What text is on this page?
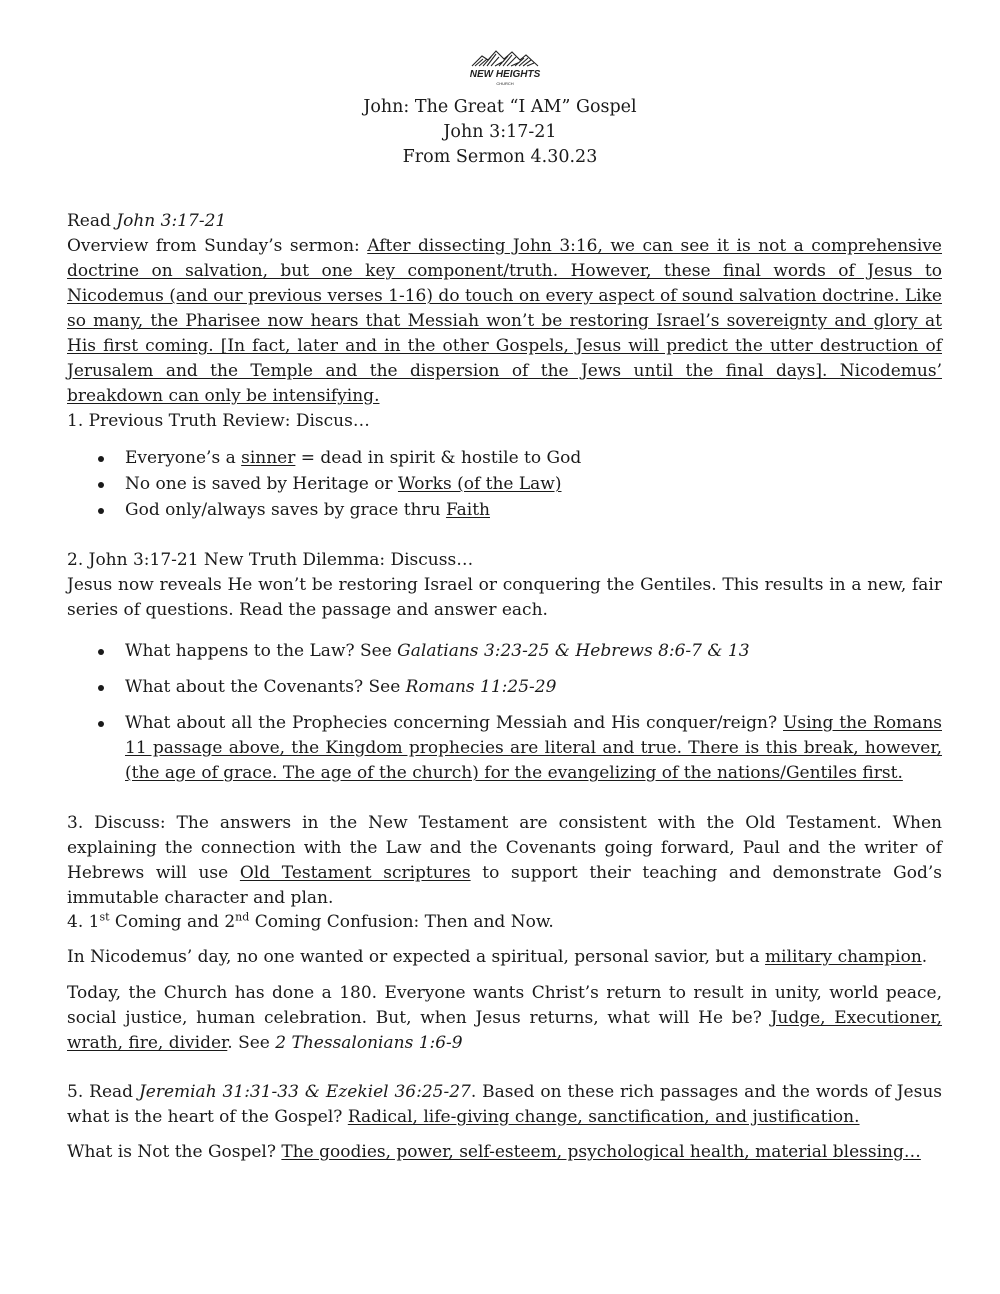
NEW HEIGHTS
CHURCH
John: The Great “I AM” Gospel
John 3:17-21
From Sermon 4.30.23
Read John 3:17-21
Overview from Sunday’s sermon: After dissecting John 3:16, we can see it is not a comprehensive doctrine on salvation, but one key component/truth. However, these final words of Jesus to Nicodemus (and our previous verses 1-16) do touch on every aspect of sound salvation doctrine. Like so many, the Pharisee now hears that Messiah won’t be restoring Israel’s sovereignty and glory at His first coming. [In fact, later and in the other Gospels, Jesus will predict the utter destruction of Jerusalem and the Temple and the dispersion of the Jews until the final days]. Nicodemus’ breakdown can only be intensifying.
1. Previous Truth Review: Discus…
Everyone’s a sinner = dead in spirit & hostile to God
No one is saved by Heritage or Works (of the Law)
God only/always saves by grace thru Faith
2. John 3:17-21 New Truth Dilemma: Discuss…
Jesus now reveals He won’t be restoring Israel or conquering the Gentiles. This results in a new, fair series of questions. Read the passage and answer each.
What happens to the Law? See Galatians 3:23-25 & Hebrews 8:6-7 & 13
What about the Covenants? See Romans 11:25-29
What about all the Prophecies concerning Messiah and His conquer/reign? Using the Romans 11 passage above, the Kingdom prophecies are literal and true. There is this break, however, (the age of grace. The age of the church) for the evangelizing of the nations/Gentiles first.
3. Discuss: The answers in the New Testament are consistent with the Old Testament. When explaining the connection with the Law and the Covenants going forward, Paul and the writer of Hebrews will use Old Testament scriptures to support their teaching and demonstrate God’s immutable character and plan.
4. 1st Coming and 2nd Coming Confusion: Then and Now.
In Nicodemus’ day, no one wanted or expected a spiritual, personal savior, but a military champion.
Today, the Church has done a 180. Everyone wants Christ’s return to result in unity, world peace, social justice, human celebration. But, when Jesus returns, what will He be? Judge, Executioner, wrath, fire, divider. See 2 Thessalonians 1:6-9
5. Read Jeremiah 31:31-33 & Ezekiel 36:25-27. Based on these rich passages and the words of Jesus what is the heart of the Gospel? Radical, life-giving change, sanctification, and justification.
What is Not the Gospel? The goodies, power, self-esteem, psychological health, material blessing…
